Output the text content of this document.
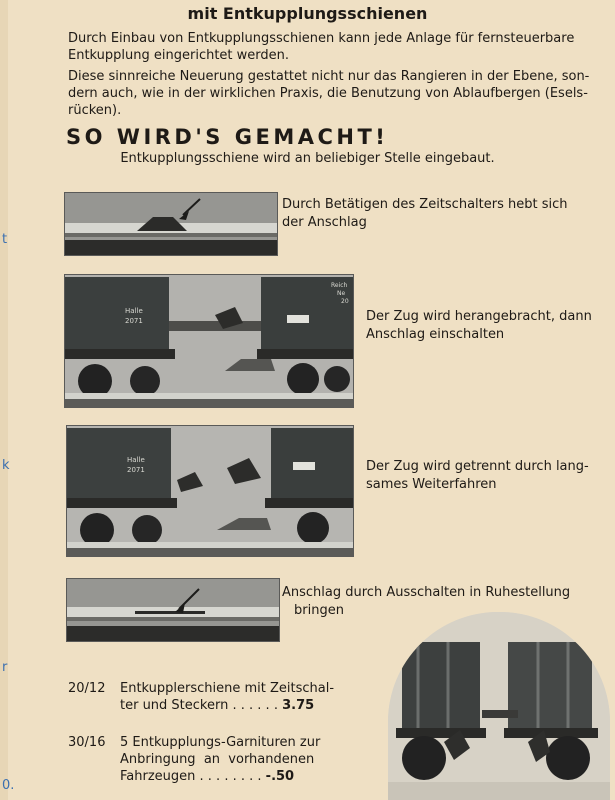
t
k
r
0.
mit Entkupplungsschienen
Durch Einbau von Entkupplungsschienen kann jede Anlage für fernsteuerbare
Entkupplung eingerichtet werden.
Diese sinnreiche Neuerung gestattet nicht nur das Rangieren in der Ebene, son-
dern auch, wie in der wirklichen Praxis, die Benutzung von Ablaufbergen (Esels-
rücken).
SO WIRD'S GEMACHT!
Entkupplungsschiene wird an beliebiger Stelle eingebaut.
Durch Betätigen des Zeitschalters hebt sich
der Anschlag
Halle
2071
Reich
Ne
20
Der Zug wird herangebracht, dann
Anschlag einschalten
Halle
2071	Der Zug wird getrennt durch lang-
sames Weiterfahren
Anschlag durch Ausschalten in Ruhestellung
bringen
20/12 Entkupplerschiene mit Zeitschal-
ter und Steckern . . . . . . 3.75
30/16 5 Entkupplungs-Garnituren zur
Anbringung  an  vorhandenen
Fahrzeugen . . . . . . . . -.50
